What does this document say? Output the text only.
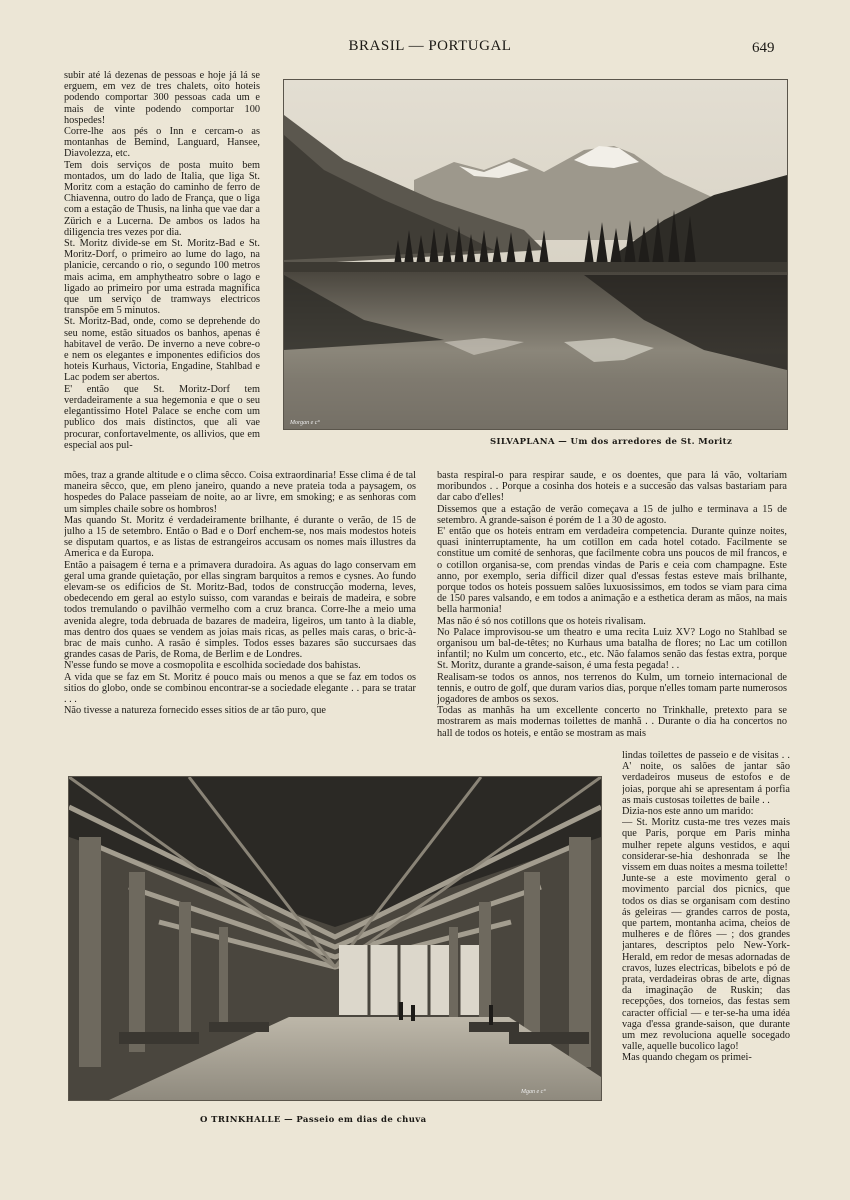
BRASIL — PORTUGAL	649
Morgan e c°
SILVAPLANA — Um dos arredores de St. Moritz
subir até lá dezenas de pessoas e hoje já lá se erguem, em vez de tres chalets, oito hoteis podendo comportar 300 pessoas cada um e mais de vinte podendo comportar 100 hospedes!
Corre-lhe aos pés o Inn e cercam-o as montanhas de Bemind, Languard, Hansee, Diavolezza, etc.
Tem dois serviços de posta muito bem montados, um do lado de Italia, que liga St. Moritz com a estação do caminho de ferro de Chiavenna, outro do lado de França, que o liga com a estação de Thusis, na linha que vae dar a Zürich e a Lucerna. De ambos os lados ha diligencia tres vezes por dia.
St. Moritz divide-se em St. Moritz-Bad e St. Moritz-Dorf, o primeiro ao lume do lago, na planicie, cercando o rio, o segundo 100 metros mais acima, em amphytheatro sobre o lago e ligado ao primeiro por uma estrada magnifica que um serviço de tramways electricos transpõe em 5 minutos.
St. Moritz-Bad, onde, como se deprehende do seu nome, estão situados os banhos, apenas é habitavel de verão. De inverno a neve cobre-o e nem os elegantes e imponentes edificios dos hoteis Kurhaus, Victoria, Engadine, Stahlbad e Lac podem ser abertos.
E' então que St. Moritz-Dorf tem verdadeiramente a sua hegemonia e que o seu elegantissimo Hotel Palace se enche com um publico dos mais distinctos, que ali vae procurar, confortavelmente, os allivios, que em especial aos pul-
mões, traz a grande altitude e o clima sêcco. Coisa extraordinaria! Esse clima é de tal maneira sêcco, que, em pleno janeiro, quando a neve prateia toda a paysagem, os hospedes do Palace passeiam de noite, ao ar livre, em smoking; e as senhoras com um simples chaile sobre os hombros!
Mas quando St. Moritz é verdadeiramente brilhante, é durante o verão, de 15 de julho a 15 de setembro. Então o Bad e o Dorf enchem-se, nos mais modestos hoteis se disputam quartos, e as listas de estrangeiros accusam os nomes mais illustres da America e da Europa.
Então a paisagem é terna e a primavera duradoira. As aguas do lago conservam em geral uma grande quietação, por ellas singram barquitos a remos e cysnes. Ao fundo elevam-se os edificios de St. Moritz-Bad, todos de construcção moderna, leves, obedecendo em geral ao estylo suisso, com varandas e beirais de madeira, e sobre todos tremulando o pavilhão vermelho com a cruz branca. Corre-lhe a meio uma avenida alegre, toda debruada de bazares de madeira, ligeiros, um tanto à la diable, mas dentro dos quaes se vendem as joias mais ricas, as pelles mais caras, o bric-à-brac de mais cunho. A rasão é simples. Todos esses bazares são succursaes das grandes casas de Paris, de Roma, de Berlim e de Londres.
N'esse fundo se move a cosmopolita e escolhida sociedade dos bahistas.
A vida que se faz em St. Moritz é pouco mais ou menos a que se faz em todos os sitios do globo, onde se combinou encontrar-se a sociedade elegante . . para se tratar . . .
Não tivesse a natureza fornecido esses sitios de ar tão puro, que
basta respiral-o para respirar saude, e os doentes, que para lá vão, voltariam moribundos . . Porque a cosinha dos hoteis e a succesão das valsas bastariam para dar cabo d'elles!
Dissemos que a estação de verão começava a 15 de julho e terminava a 15 de setembro. A grande-saison é porém de 1 a 30 de agosto.
E' então que os hoteis entram em verdadeira competencia. Durante quinze noites, quasi ininterruptamente, ha um cotillon em cada hotel cotado. Facilmente se constitue um comité de senhoras, que facilmente cobra uns poucos de mil francos, e o cotillon organisa-se, com prendas vindas de Paris e ceia com champagne. Este anno, por exemplo, seria difficil dizer qual d'essas festas esteve mais brilhante, porque todos os hoteis possuem salões luxuosissimos, em todos se viam para cima de 150 pares valsando, e em todos a animação e a esthetica deram as mãos, na mais bella harmonia!
Mas não é só nos cotillons que os hoteis rivalisam.
No Palace improvisou-se um theatro e uma recita Luiz XV? Logo no Stahlbad se organisou um bal-de-têtes; no Kurhaus uma batalha de flores; no Lac um cotillon infantil; no Kulm um concerto, etc., etc. Não falamos senão das festas extra, porque St. Moritz, durante a grande-saison, é uma festa pegada! . .
Realisam-se todos os annos, nos terrenos do Kulm, um torneio internacional de tennis, e outro de golf, que duram varios dias, porque n'elles tomam parte numerosos jogadores de ambos os sexos.
Todas as manhãs ha um excellente concerto no Trinkhalle, pretexto para se mostrarem as mais modernas toilettes de manhã . . Durante o dia ha concertos no hall de todos os hoteis, e então se mostram as mais
Mgan e c°
O TRINKHALLE — Passeio em dias de chuva
lindas toilettes de passeio e de visitas . . A' noite, os salões de jantar são verdadeiros museus de estofos e de joias, porque ahi se apresentam á porfia as mais custosas toilettes de baile . .
Dizia-nos este anno um marido:
— St. Moritz custa-me tres vezes mais que Paris, porque em Paris minha mulher repete alguns vestidos, e aqui considerar-se-hia deshonrada se lhe vissem em duas noites a mesma toilette!
Junte-se a este movimento geral o movimento parcial dos picnics, que todos os dias se organisam com destino ás geleiras — grandes carros de posta, que partem, montanha acima, cheios de mulheres e de flôres — ; dos grandes jantares, descriptos pelo New-York-Herald, em redor de mesas adornadas de cravos, luzes electricas, bibelots e pó de prata, verdadeiras obras de arte, dignas da imaginação de Ruskin; das recepções, dos torneios, das festas sem caracter official — e ter-se-ha uma idéa vaga d'essa grande-saison, que durante um mez revoluciona aquelle socegado valle, aquelle bucolico lago!
Mas quando chegam os primei-
